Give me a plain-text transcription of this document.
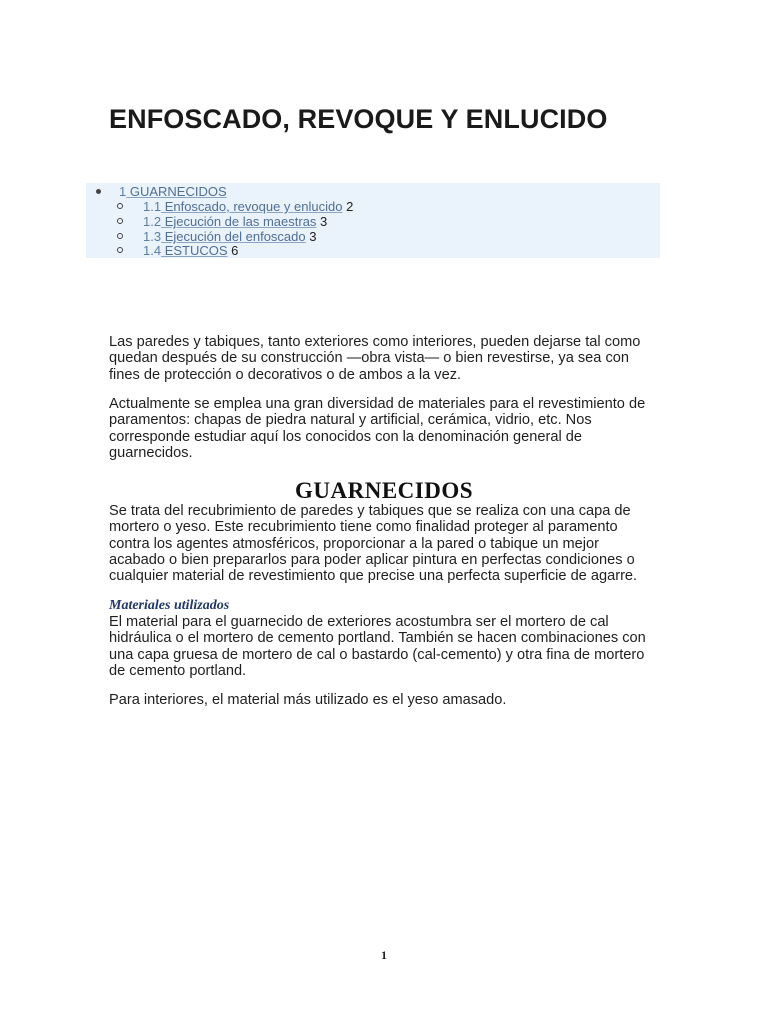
ENFOSCADO, REVOQUE Y ENLUCIDO
1 GUARNECIDOS
1.1 Enfoscado, revoque y enlucido 2
1.2 Ejecución de las maestras 3
1.3 Ejecución del enfoscado 3
1.4 ESTUCOS 6

Las paredes y tabiques, tanto exteriores como interiores, pueden dejarse tal como quedan después de su construcción —obra vista— o bien revestirse, ya sea con fines de protección o decorativos o de ambos a la vez.

Actualmente se emplea una gran diversidad de materiales para el revestimiento de paramentos: chapas de piedra natural y artificial, cerámica, vidrio, etc. Nos corresponde estudiar aquí los conocidos con la denominación general de guarnecidos.

GUARNECIDOS

Se trata del recubrimiento de paredes y tabiques que se realiza con una capa de mortero o yeso. Este recubrimiento tiene como finalidad proteger al paramento contra los agentes atmosféricos, proporcionar a la pared o tabique un mejor acabado o bien prepararlos para poder aplicar pintura en perfectas condiciones o cualquier material de revestimiento que precise una perfecta superficie de agarre.

Materiales utilizados

El material para el guarnecido de exteriores acostumbra ser el mortero de cal hidráulica o el mortero de cemento portland. También se hacen combinaciones con una capa gruesa de mortero de cal o bastardo (cal-cemento) y otra fina de mortero de cemento portland.

Para interiores, el material más utilizado es el yeso amasado.

1
